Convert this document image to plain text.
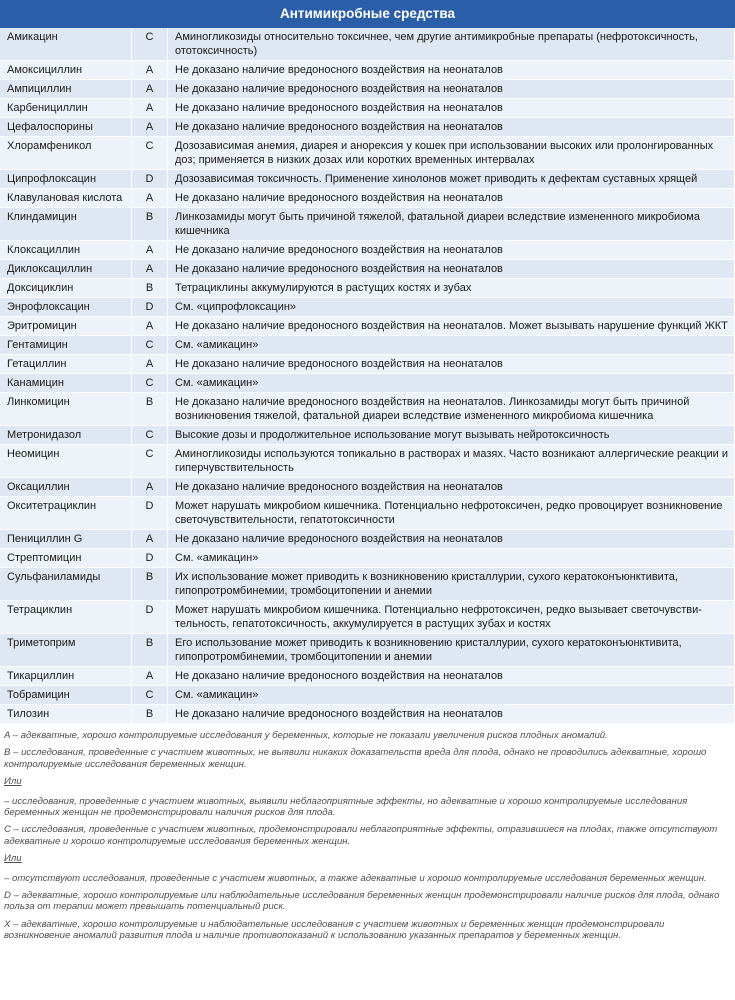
Антимикробные средства
Амикацин	C	Аминогликозиды относительно токсичнее, чем другие антимикробные препараты (нефротоксичность, ототоксичность)
Амоксициллин	A	Не доказано наличие вредоносного воздействия на неонаталов
Ампициллин	A	Не доказано наличие вредоносного воздействия на неонаталов
Карбенициллин	A	Не доказано наличие вредоносного воздействия на неонаталов
Цефалоспорины	A	Не доказано наличие вредоносного воздействия на неонаталов
Хлорамфеникол	C	Дозозависимая анемия, диарея и анорексия у кошек при использовании высоких или пролонгированных доз; применяется в низких дозах или коротких временных интервалах
Ципрофлоксацин	D	Дозозависимая токсичность. Применение хинолонов может приводить к дефектам суставных хрящей
Клавулановая кислота	A	Не доказано наличие вредоносного воздействия на неонаталов
Клиндамицин	B	Линкозамиды могут быть причиной тяжелой, фатальной диареи вследствие измененного микробиома кишечника
Клоксациллин	A	Не доказано наличие вредоносного воздействия на неонаталов
Диклоксациллин	A	Не доказано наличие вредоносного воздействия на неонаталов
Доксициклин	B	Тетрациклины аккумулируются в растущих костях и зубах
Энрофлоксацин	D	См. «ципрофлоксацин»
Эритромицин	A	Не доказано наличие вредоносного воздействия на неонаталов. Может вызывать нарушение функций ЖКТ
Гентамицин	C	См. «амикацин»
Гетациллин	A	Не доказано наличие вредоносного воздействия на неонаталов
Канамицин	C	См. «амикацин»
Линкомицин	B	Не доказано наличие вредоносного воздействия на неонаталов. Линкозамиды могут быть причиной возникновения тяжелой, фатальной диареи вследствие измененного микробиома кишечника
Метронидазол	C	Высокие дозы и продолжительное использование могут вызывать нейротоксичность
Неомицин	C	Аминогликозиды используются топикально в растворах и мазях. Часто возникают аллергические реакции и гиперчувствительность
Оксациллин	A	Не доказано наличие вредоносного воздействия на неонаталов
Окситетрациклин	D	Может нарушать микробиом кишечника. Потенциально нефротоксичен, редко провоцирует возникновение светочувствительности, гепатотоксичности
Пенициллин G	A	Не доказано наличие вредоносного воздействия на неонаталов
Стрептомицин	D	См. «амикацин»
Сульфаниламиды	B	Их использование может приводить к возникновению кристаллурии, сухого кератоконъюнктивита, гипопротромбинемии, тромбоцитопении и анемии
Тетрациклин	D	Может нарушать микробиом кишечника. Потенциально нефротоксичен, редко вызывает светочувствительность, гепатотоксичность, аккумулируется в растущих зубах и костях
Триметоприм	B	Его использование может приводить к возникновению кристаллурии, сухого кератоконъюнктивита, гипопротромбинемии, тромбоцитопении и анемии
Тикарциллин	A	Не доказано наличие вредоносного воздействия на неонаталов
Тобрамицин	C	См. «амикацин»
Тилозин	B	Не доказано наличие вредоносного воздействия на неонаталов

A – адекватные, хорошо контролируемые исследования у беременных, которые не показали увеличения рисков плодных аномалий.

B – исследования, проведенные с участием животных, не выявили никаких доказательств вреда для плода, однако не проводились адекватные, хорошо контролируемые исследования беременных женщин.

Или

– исследования, проведенные с участием животных, выявили неблагоприятные эффекты, но адекватные и хорошо контролируемые исследования беременных женщин не продемонстрировали наличия рисков для плода.

C – исследования, проведенные с участием животных, продемонстрировали неблагоприятные эффекты, отразившиеся на плодах, также отсутствуют адекватные и хорошо контролируемые исследования беременных женщин.

Или

– отсутствуют исследования, проведенные с участием животных, а также адекватные и хорошо контролируемые исследования беременных женщин.

D – адекватные, хорошо контролируемые или наблюдательные исследования беременных женщин продемонстрировали наличие рисков для плода, однако польза от терапии может превышать потенциальный риск.

X – адекватные, хорошо контролируемые и наблюдательные исследования с участием животных и беременных женщин продемонстрировали возникновение аномалий развития плода и наличие противопоказаний к использованию указанных препаратов у беременных женщин.
